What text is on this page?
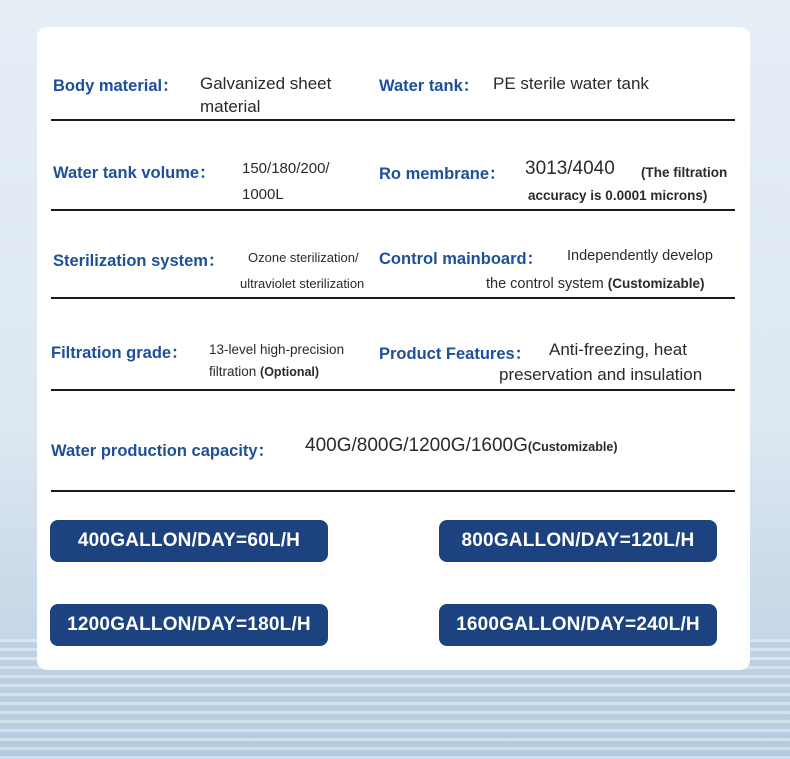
Body material： Galvanized sheet
material
Water tank： PE sterile water tank
Water tank volume： 150/180/200/
1000L
Ro membrane： 3013/4040 (The filtration
accuracy is 0.0001 microns)
Sterilization system： Ozone sterilization/
ultraviolet sterilization
Control mainboard： Independently develop
the control system (Customizable)
Filtration grade： 13-level high-precision
filtration (Optional)
Product Features： Anti-freezing, heat
preservation and insulation
Water production capacity： 400G/800G/1200G/1600G(Customizable)
400GALLON/DAY=60L/H	800GALLON/DAY=120L/H
1200GALLON/DAY=180L/H	1600GALLON/DAY=240L/H
